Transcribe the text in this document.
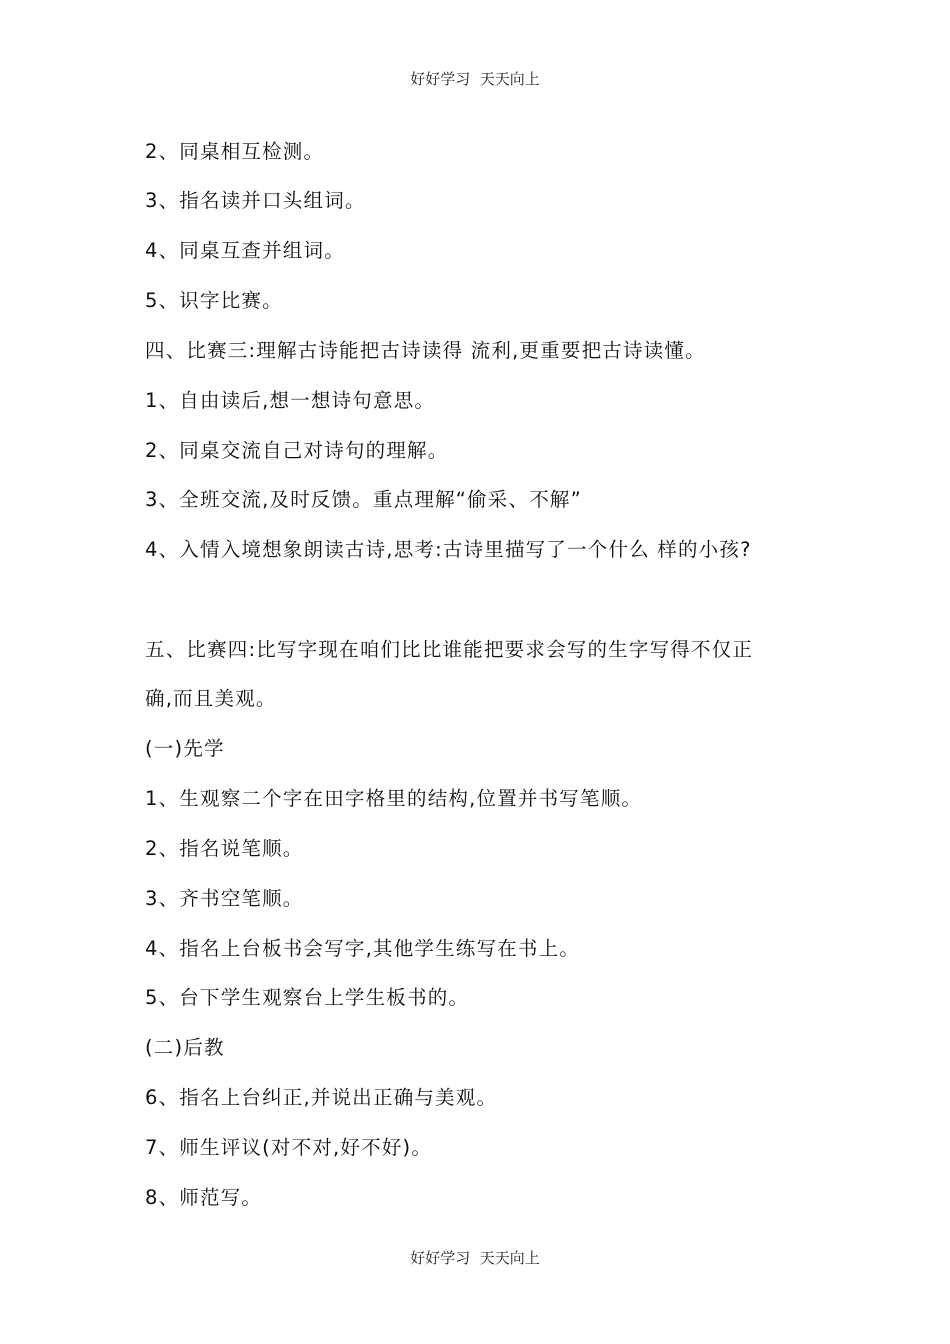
好好学习  天天向上
2、同桌相互检测。
3、指名读并口头组词。
4、同桌互查并组词。
5、识字比赛。
四、比赛三:理解古诗能把古诗读得 流利,更重要把古诗读懂。
1、自由读后,想一想诗句意思。
2、同桌交流自己对诗句的理解。
3、全班交流,及时反馈。重点理解“偷采、不解”
4、入情入境想象朗读古诗,思考:古诗里描写了一个什么 样的小孩?
五、比赛四:比写字现在咱们比比谁能把要求会写的生字写得不仅正
确,而且美观。
(一)先学
1、生观察二个字在田字格里的结构,位置并书写笔顺。
2、指名说笔顺。
3、齐书空笔顺。
4、指名上台板书会写字,其他学生练写在书上。
5、台下学生观察台上学生板书的。
(二)后教
6、指名上台纠正,并说出正确与美观。
7、师生评议(对不对,好不好)。
8、师范写。
好好学习  天天向上
